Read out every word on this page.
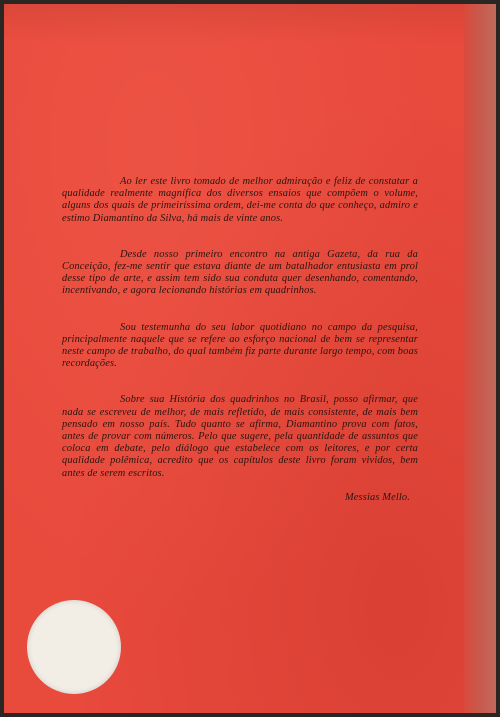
Ao ler este livro tomado de melhor admiração e feliz de constatar a qualidade realmente magnífica dos diversos ensaios que compõem o volume, alguns dos quais de primeiríssima ordem, dei-me conta do que conheço, admiro e estimo Diamantino da Silva, há mais de vinte anos.

Desde nosso primeiro encontro na antiga Gazeta, da rua da Conceição, fez-me sentir que estava diante de um batalhador entusiasta em prol desse tipo de arte, e assim tem sido sua conduta quer desenhando, comentando, incentivando, e agora lecionando histórias em quadrinhos.

Sou testemunha do seu labor quotidiano no campo da pesquisa, principalmente naquele que se refere ao esforço nacional de bem se representar neste campo de trabalho, do qual também fiz parte durante largo tempo, com boas recordações.

Sobre sua História dos quadrinhos no Brasil, posso afirmar, que nada se escreveu de melhor, de mais refletido, de mais consistente, de mais bem pensado em nosso país. Tudo quanto se afirma, Diamantino prova com fatos, antes de provar com números. Pelo que sugere, pela quantidade de assuntos que coloca em debate, pelo diálogo que estabelece com os leitores, e por certa qualidade polêmica, acredito que os capítulos deste livro foram vividos, bem antes de serem escritos.

Messias Mello.
